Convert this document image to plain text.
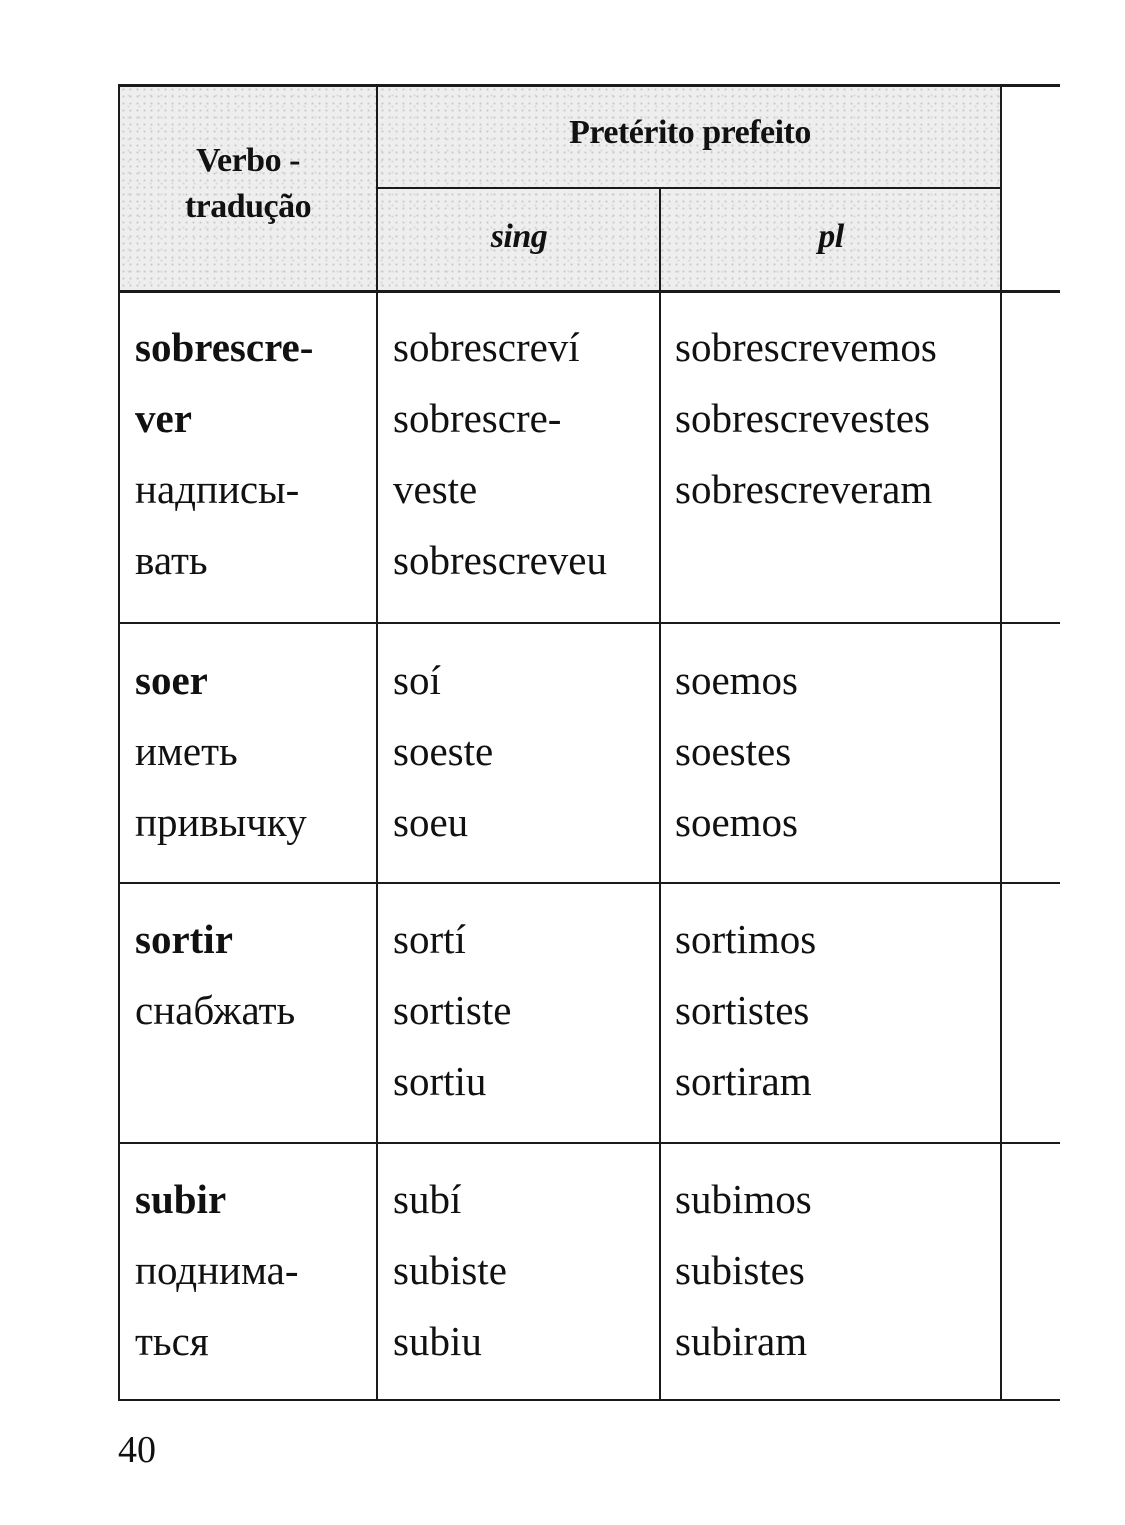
Verbo -
tradução
Pretérito prefeito
sing	pl
sobrescre-
ver
надписы-
вать
sobrescreví
sobrescre-
veste
sobrescreveu
sobrescrevemos
sobrescrevestes
sobrescreveram
soer
иметь
привычку
soí
soeste
soeu
soemos
soestes
soemos
sortir
снабжать
sortí
sortiste
sortiu
sortimos
sortistes
sortiram
subir
поднима-
ться
subí
subiste
subiu
subimos
subistes
subiram
40
